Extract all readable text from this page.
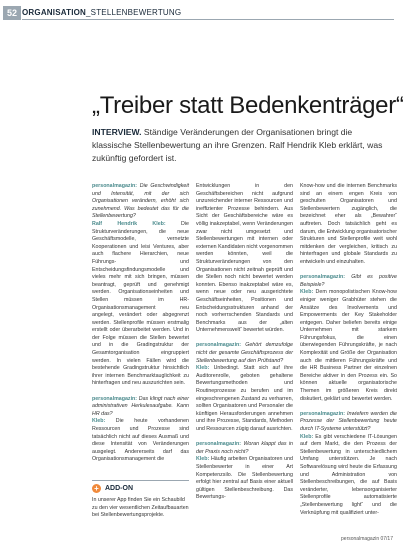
52 ORGANISATION_STELLENBEWERTUNG
„Treiber statt Bedenkenträger“
INTERVIEW. Ständige Veränderungen der Organisationen bringt die klassische Stellenbewertung an ihre Grenzen. Ralf Hendrik Kleb erklärt, was zukünftig gefordert ist.

personalmagazin: Die Geschwindigkeit und Intensität, mit der sich Organisationen verändern, erhöht sich zunehmend. Was bedeutet das für die Stellenbewertung?

Ralf Hendrik Kleb:	Die Strukturveränderungen, die neue Geschäftsmodelle, vernetzte Kooperationen und leisi Ventures, aber auch flachere Hierarchien, neue Führungs- und Entscheidungsfindungsmodelle und vieles mehr mit sich bringen, müssen beantragt, geprüft und genehmigt werden. Organisationseinheiten und Stellen müssen im HR-Organisationsmanagement neu angelegt, verändert oder abgegrenzt werden. Stellenprofile müssen erstmalig erstellt oder überarbeitet werden. Und in der Folge müssen die Stellen bewertet und in die Gradingstruktur der Gesamtorganisation eingruppiert werden. In vielen Fällen wird die bestehende Gradingstruktur hinsichtlich ihrer internen Benchmarktauglichkeit zu hinterfragen und neu auszurichten sein.

personalmagazin: Das klingt nach einer administrativen Herkulesaufgabe. Kann HR das?

Kleb: Die heute vorhandenen Ressourcen und Prozesse sind tatsächlich nicht auf dieses Ausmaß und diese Intensität von Veränderungen ausgelegt. Andererseits darf das Organisationsmanagement die

Entwicklungen in den Geschäftsbereichen nicht aufgrund unzureichender interner Ressourcen und ineffizienter Prozesse behindern. Aus Sicht der Geschäftsbereiche wäre es völlig inakzeptabel, wenn Veränderungen zwar nicht umgesetzt und Stellenbewertungen mit internen oder externen Kandidaten nicht vorgenommen werden könnten, weil die Strukturveränderungen von den Organisationen nicht zeitnah geprüft und die Stellen noch nicht bewertet werden konnten. Ebenso inakzeptabel wäre es, wenn neue oder neu ausgerichtete Geschäftseinheiten, Positionen und Entscheidungsstrukturen anhand der noch vorherrschenden Standards und Benchmarks aus der „alten Unternehmenswelt“ bewertet würden.

personalmagazin: Gehört demzufolge nicht der gesamte Geschäftsprozess der Stellenbewertung auf den Prüfstand?

Kleb: Unbedingt. Statt sich auf ihre Auditorenrolle, geboten gehaltene Bewertungsmethoden und Routineprozesse zu berufen und im eingeschrengenen Zustand zu verharren, sollten Organisatoren und Personaler die künftigen Herausforderungen annehmen und ihre Prozesse, Standards, Methoden und Ressourcen zügig darauf ausrichten.

personalmagazin: Woran klappt das in der Praxis noch nicht?

Kleb: Häufig arbeiten Organisatoren und Stellenbewerter in einer Art Kompetenzsilo. Die Stellenbewertung erfolgt hier zentral auf Basis einer aktuell gültigen Stellenbeschreibung. Das Bewertungs-

Know-how und die internen Benchmarks sind an einem engen Kreis von geschulten Organisatoren und Stellenbewertern zugänglich, die bezeichnet eher als „Bewahrer“ auftreten. Doch tatsächlich geht es darum, die Entwicklung organisatorischer Strukturen und Stellenprofile weit wohl mitdenken der vergleichen, kritisch zu hinterfragen und globale Standards zu entwickeln und einzuhalten.

personalmagazin: Gibt es positive Beispiele?

Kleb: Dem monopolistischen Know-how einiger weniger Grabhüter stehen die Ansätze des Involvements und Empowerments der Key Stakeholder entgegen. Daher beliefen bereits einige Unternehmen mit starkem Führungsfokus, die einen überwiegenden Führungskräfte, je nach Komplexität und Größe der Organisation auch die mittleren Führungskräfte und die HR Business Partner der einzelnen Bereiche aktiver in den Prozess ein. So können aktuelle organisatorische Themen im größeren Kreis direkt diskutiert, geklärt und bewertet werden.

personalmagazin: Inwiefern werden die Prozesse der Stellenbewertung heute durch IT-Systeme unterstützt?

Kleb: Es gibt verschiedene IT-Lösungen auf dem Markt, die den Prozess der Stellenbewertung in unterschiedlichem Umfang unterstützen. Je nach Softwarelösung wird heute die Erfassung und Administration von Stellenbeschreibungen, die auf Basis veränderter, lebensorganisierter Stellenprofile automatisierte „Stellenbewertung light“ und die Verknüpfung mit qualifiziert unter-

+ ADD-ON
In unserer App finden Sie ein Schaubild zu den vier wesentlichen Zeitaufbauarten bei Stellenbewertungsprojekte.
personalmagazin 07/17
